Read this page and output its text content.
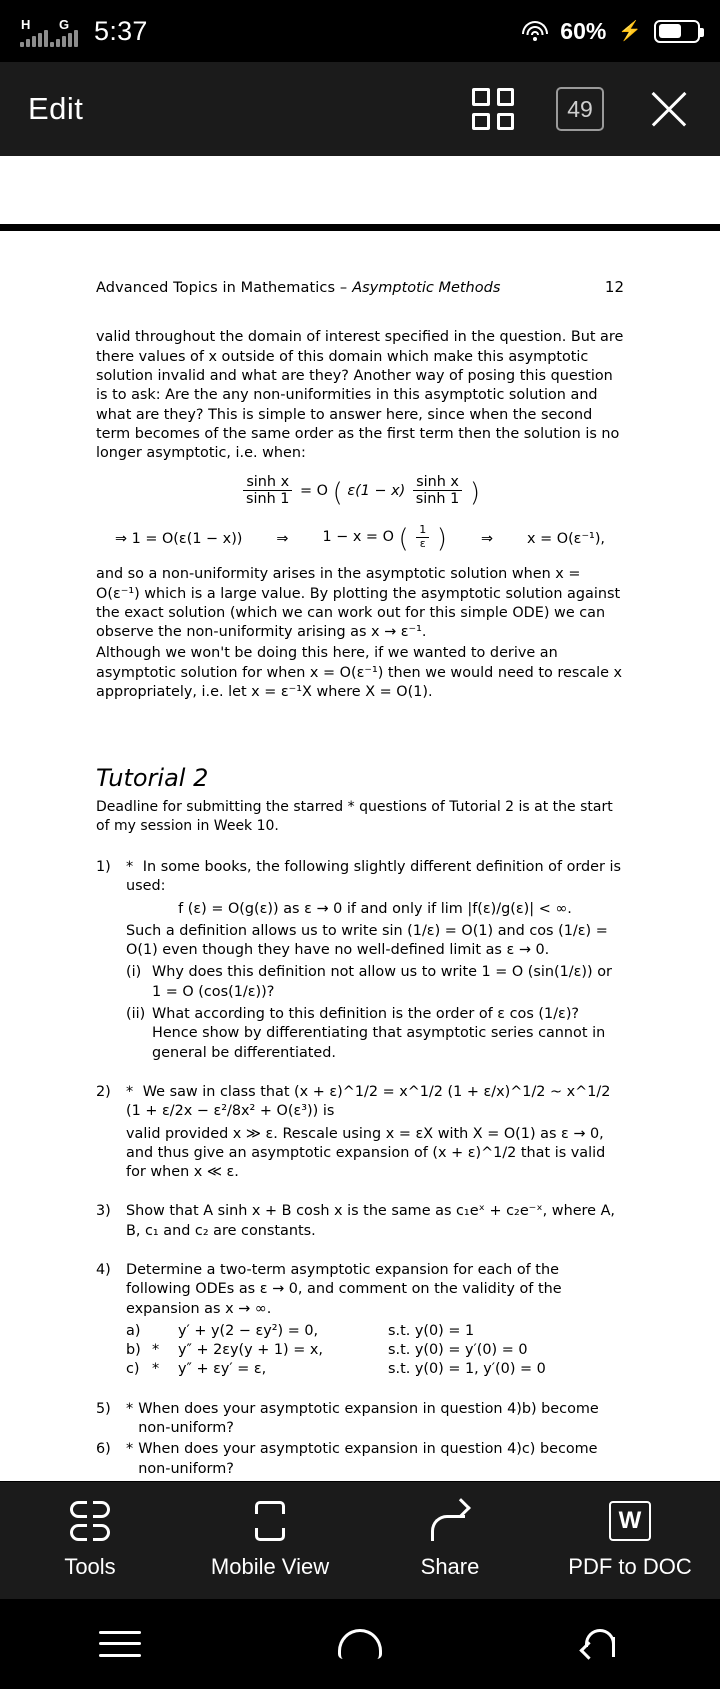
H G 5:37	60% ⚡
Edit	49
Advanced Topics in Mathematics – Asymptotic Methods	12

valid throughout the domain of interest specified in the question. But are there values of x outside of this domain which make this asymptotic solution invalid and what are they? Another way of posing this question is to ask: Are the any non-uniformities in this asymptotic solution and what are they? This is simple to answer here, since when the second term becomes of the same order as the first term then the solution is no longer asymptotic, i.e. when:

$\frac{\text{sinh x}}{\sinh 1} = O$ ( $\varepsilon(1 - x) \frac{\text{sinh x}}{\sinh 1}$ )
⇒ 1 = O(ε(1 − x)) ⇒ 1 − x = O ( $\frac{1}{\varepsilon}$ ) ⇒ x = O(ε⁻¹),

and so a non-uniformity arises in the asymptotic solution when x = O(ε⁻¹) which is a large value. By plotting the asymptotic solution against the exact solution (which we can work out for this simple ODE) we can observe the non-uniformity arising as x → ε⁻¹.

Although we won't be doing this here, if we wanted to derive an asymptotic solution for when x = O(ε⁻¹) then we would need to rescale x appropriately, i.e. let x = ε⁻¹X where X = O(1).

Tutorial 2
Deadline for submitting the starred * questions of Tutorial 2 is at the start of my session in Week 10.
1)	* In some books, the following slightly different definition of order is used:
f (ε) = O(g(ε)) as ε → 0 if and only if lim |f(ε)/g(ε)| < ∞.
Such a definition allows us to write sin (1/ε) = O(1) and cos (1/ε) = O(1) even though they have no well-defined limit as ε → 0.
(i) Why does this definition not allow us to write 1 = O (sin(1/ε)) or 1 = O (cos(1/ε))?
(ii) What according to this definition is the order of ε cos (1/ε)? Hence show by differentiating that asymptotic series cannot in general be differentiated.
2)	* We saw in class that (x + ε)^1/2 = x^1/2 (1 + ε/x)^1/2 ~ x^1/2 (1 + ε/2x − ε²/8x² + O(ε³)) is
valid provided x ≫ ε. Rescale using x = εX with X = O(1) as ε → 0, and thus give an asymptotic expansion of (x + ε)^1/2 that is valid for when x ≪ ε.
3)	Show that A sinh x + B cosh x is the same as c₁eˣ + c₂e⁻ˣ, where A, B, c₁ and c₂ are constants.
4)	Determine a two-term asymptotic expansion for each of the following ODEs as ε → 0, and comment on the validity of the expansion as x → ∞.
a)	y′ + y(2 − εy²) = 0,	s.t. y(0) = 1
b) *	y″ + 2εy(y + 1) = x,	s.t. y(0) = y′(0) = 0
c) *	y″ + εy′ = ε,	s.t. y(0) = 1, y′(0) = 0
5)	* When does your asymptotic expansion in question 4)b) become non-uniform?
6)	* When does your asymptotic expansion in question 4)c) become non-uniform?
Tools	Mobile View	Share
W
PDF to DOC
